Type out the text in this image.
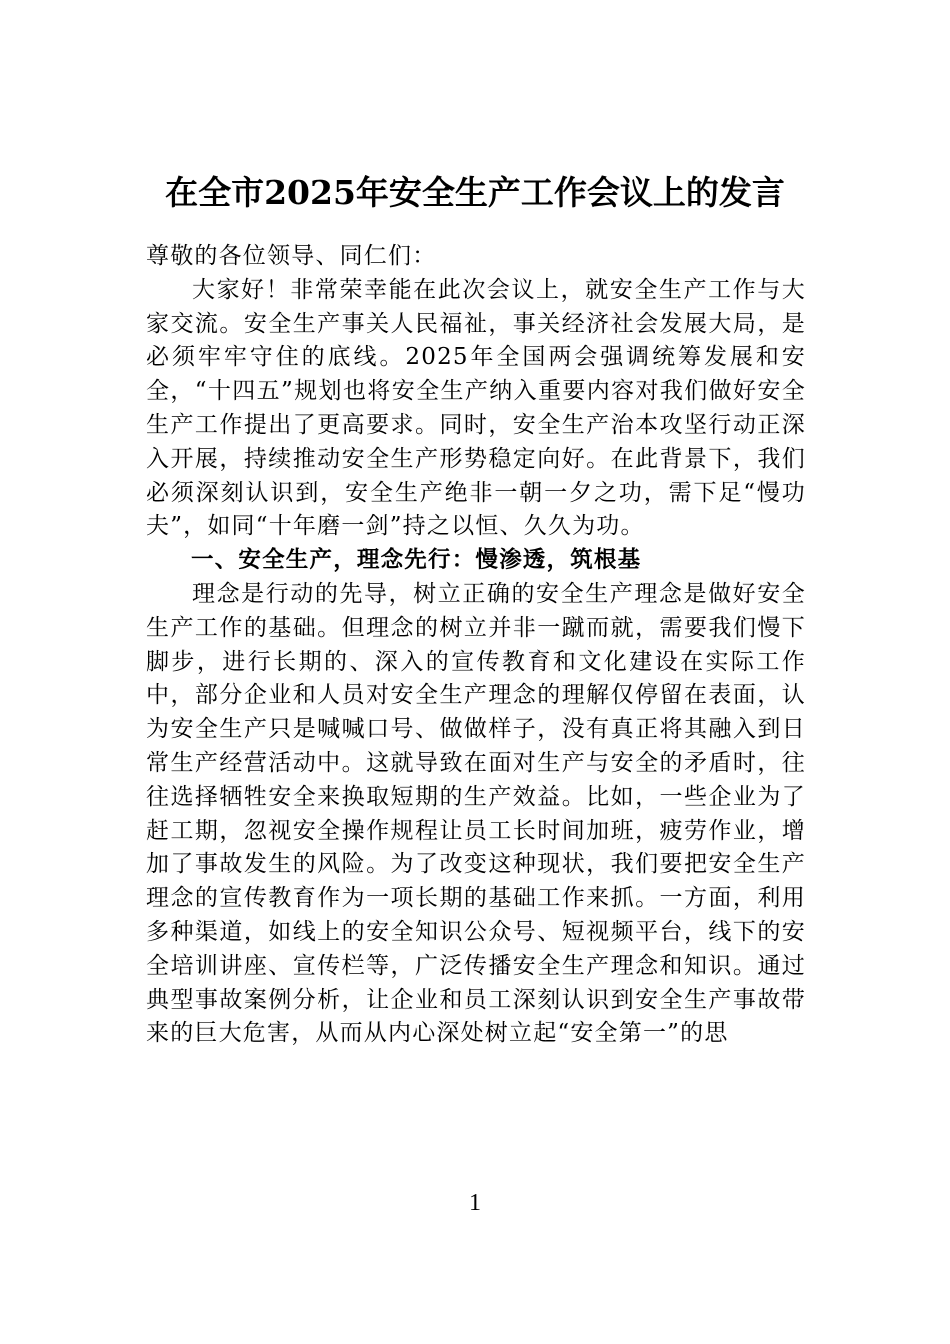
在全市2025年安全生产工作会议上的发言

尊敬的各位领导、同仁们：

大家好！非常荣幸能在此次会议上，就安全生产工作与大家交流。安全生产事关人民福祉，事关经济社会发展大局，是必须牢牢守住的底线。2025年全国两会强调统筹发展和安全，“十四五”规划也将安全生产纳入重要内容对我们做好安全生产工作提出了更高要求。同时，安全生产治本攻坚行动正深入开展，持续推动安全生产形势稳定向好。在此背景下，我们必须深刻认识到，安全生产绝非一朝一夕之功，需下足“慢功夫”，如同“十年磨一剑”持之以恒、久久为功。

一、安全生产，理念先行：慢渗透，筑根基

理念是行动的先导，树立正确的安全生产理念是做好安全生产工作的基础。但理念的树立并非一蹴而就，需要我们慢下脚步，进行长期的、深入的宣传教育和文化建设在实际工作中，部分企业和人员对安全生产理念的理解仅停留在表面，认为安全生产只是喊喊口号、做做样子，没有真正将其融入到日常生产经营活动中。这就导致在面对生产与安全的矛盾时，往往选择牺牲安全来换取短期的生产效益。比如，一些企业为了赶工期，忽视安全操作规程让员工长时间加班，疲劳作业，增加了事故发生的风险。为了改变这种现状，我们要把安全生产理念的宣传教育作为一项长期的基础工作来抓。一方面，利用多种渠道，如线上的安全知识公众号、短视频平台，线下的安全培训讲座、宣传栏等，广泛传播安全生产理念和知识。通过典型事故案例分析，让企业和员工深刻认识到安全生产事故带来的巨大危害，从而从内心深处树立起“安全第一”的思

1
